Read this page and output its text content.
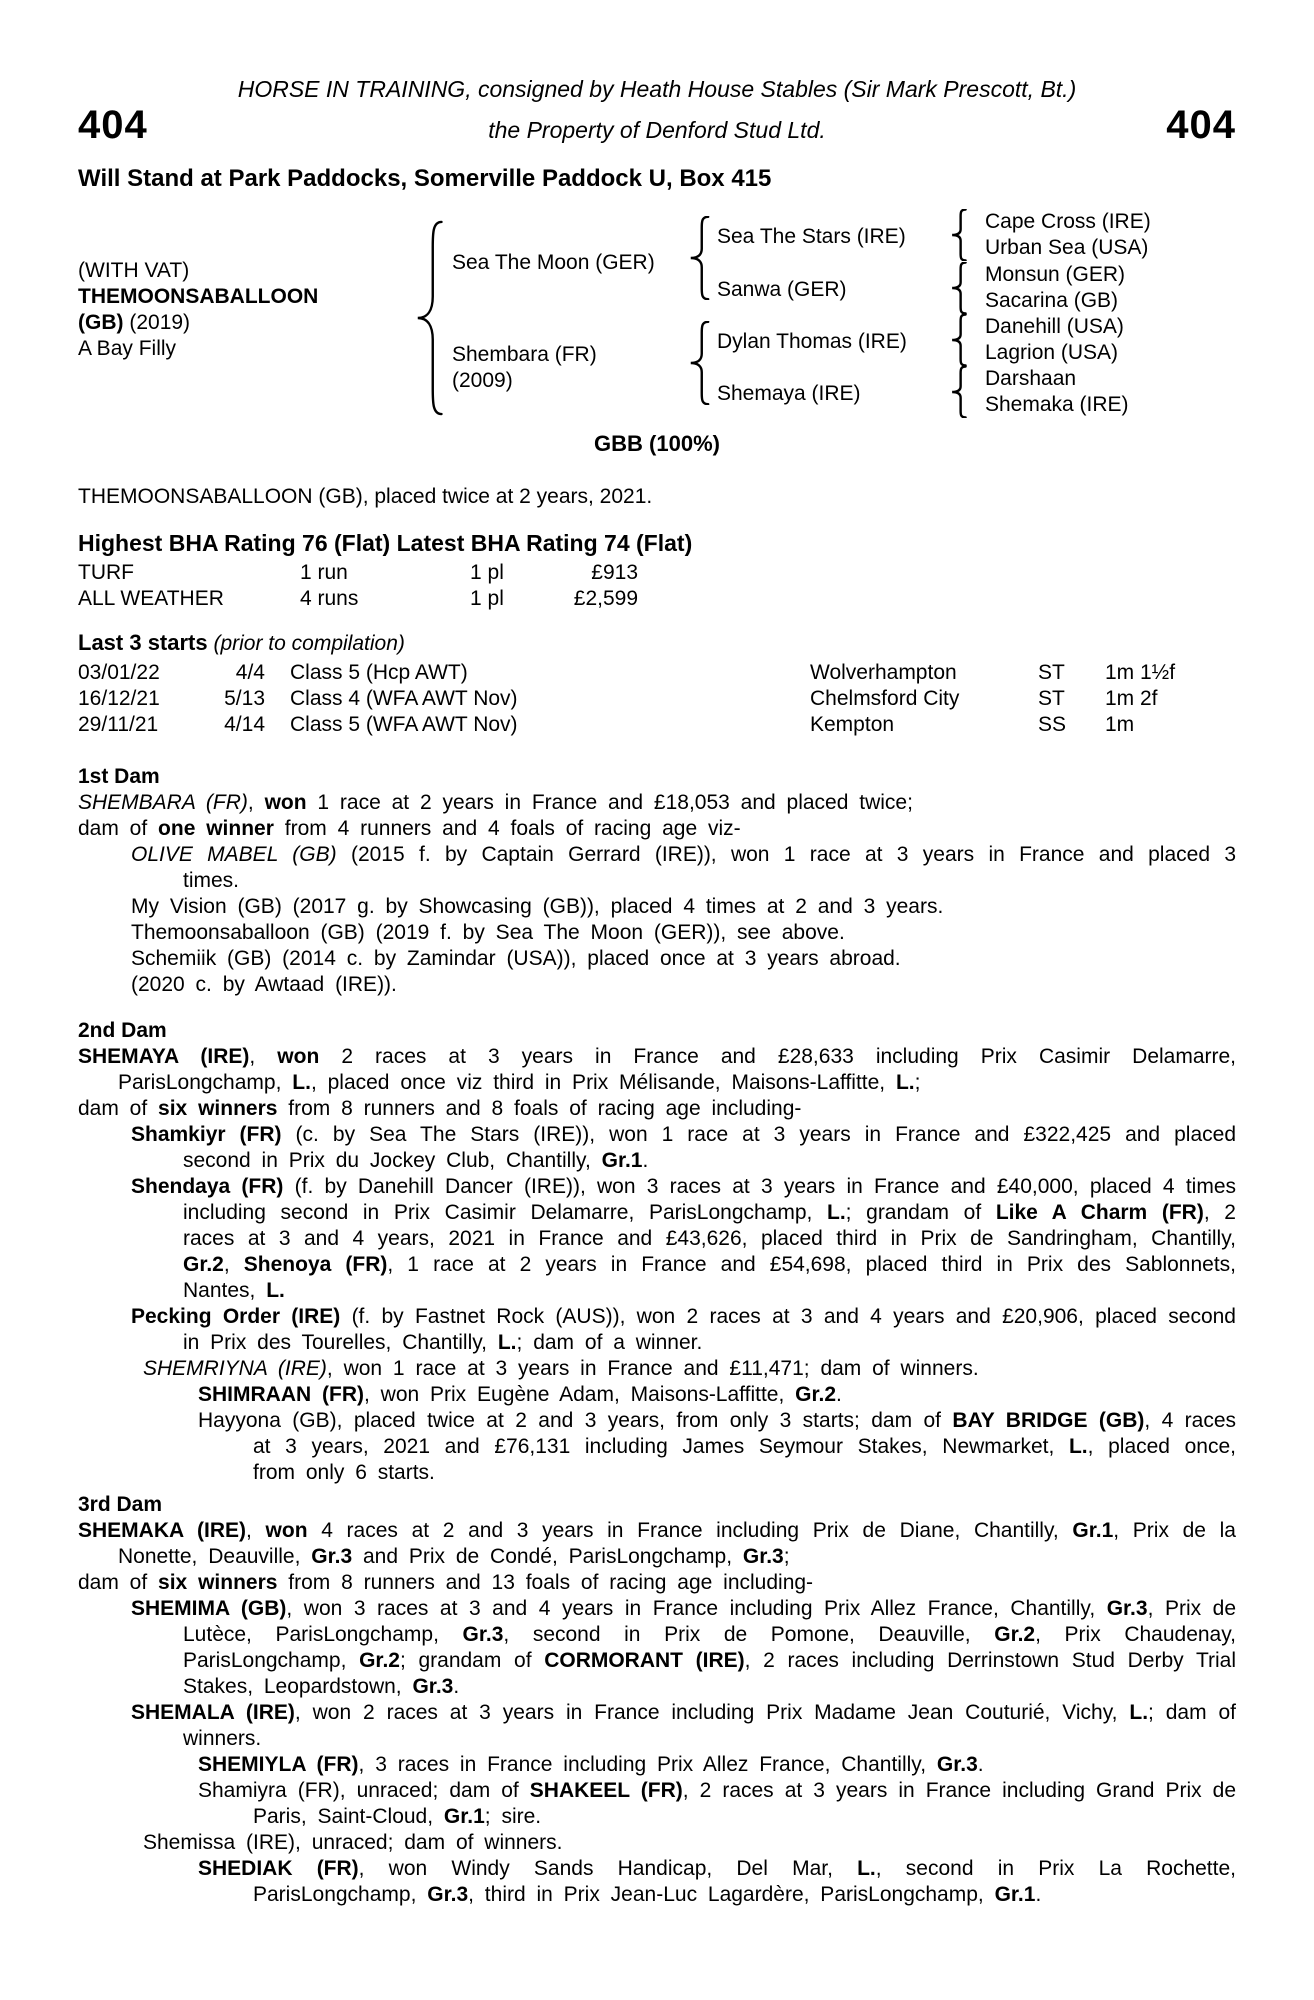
HORSE IN TRAINING, consigned by Heath House Stables (Sir Mark Prescott, Bt.)
404	the Property of Denford Stud Ltd.	404
Will Stand at Park Paddocks, Somerville Paddock U, Box 415
(WITH VAT)
THEMOONSABALLOON
(GB) (2019)
A Bay Filly
Sea The Moon (GER)
Shembara (FR)
(2009)
Sea The Stars (IRE)
Sanwa (GER)
Dylan Thomas (IRE)
Shemaya (IRE)
Cape Cross (IRE)
Urban Sea (USA)
Monsun (GER)
Sacarina (GB)
Danehill (USA)
Lagrion (USA)
Darshaan
Shemaka (IRE)
GBB (100%)
THEMOONSABALLOON (GB), placed twice at 2 years, 2021.
Highest BHA Rating 76 (Flat) Latest BHA Rating 74 (Flat)
TURF	1 run	1 pl	£913
ALL WEATHER	4 runs	1 pl	£2,599
Last 3 starts (prior to compilation)
03/01/22	4/4	Class 5 (Hcp AWT)	Wolverhampton	ST	1m 1½f
16/12/21	5/13	Class 4 (WFA AWT Nov)	Chelmsford City	ST	1m 2f
29/11/21	4/14	Class 5 (WFA AWT Nov)	Kempton	SS	1m
1st Dam

SHEMBARA (FR), won 1 race at 2 years in France and £18,053 and placed twice;

dam of one winner from 4 runners and 4 foals of racing age viz-

OLIVE MABEL (GB) (2015 f. by Captain Gerrard (IRE)), won 1 race at 3 years in France and placed 3 times.

My Vision (GB) (2017 g. by Showcasing (GB)), placed 4 times at 2 and 3 years.

Themoonsaballoon (GB) (2019 f. by Sea The Moon (GER)), see above.

Schemiik (GB) (2014 c. by Zamindar (USA)), placed once at 3 years abroad.

(2020 c. by Awtaad (IRE)).

2nd Dam

SHEMAYA (IRE), won 2 races at 3 years in France and £28,633 including Prix Casimir Delamarre, ParisLongchamp, L., placed once viz third in Prix Mélisande, Maisons-Laffitte, L.;

dam of six winners from 8 runners and 8 foals of racing age including-

Shamkiyr (FR) (c. by Sea The Stars (IRE)), won 1 race at 3 years in France and £322,425 and placed second in Prix du Jockey Club, Chantilly, Gr.1.

Shendaya (FR) (f. by Danehill Dancer (IRE)), won 3 races at 3 years in France and £40,000, placed 4 times including second in Prix Casimir Delamarre, ParisLongchamp, L.; grandam of Like A Charm (FR), 2 races at 3 and 4 years, 2021 in France and £43,626, placed third in Prix de Sandringham, Chantilly, Gr.2, Shenoya (FR), 1 race at 2 years in France and £54,698, placed third in Prix des Sablonnets, Nantes, L.

Pecking Order (IRE) (f. by Fastnet Rock (AUS)), won 2 races at 3 and 4 years and £20,906, placed second in Prix des Tourelles, Chantilly, L.; dam of a winner.

SHEMRIYNA (IRE), won 1 race at 3 years in France and £11,471; dam of winners.

SHIMRAAN (FR), won Prix Eugène Adam, Maisons-Laffitte, Gr.2.

Hayyona (GB), placed twice at 2 and 3 years, from only 3 starts; dam of BAY BRIDGE (GB), 4 races at 3 years, 2021 and £76,131 including James Seymour Stakes, Newmarket, L., placed once, from only 6 starts.

3rd Dam

SHEMAKA (IRE), won 4 races at 2 and 3 years in France including Prix de Diane, Chantilly, Gr.1, Prix de la Nonette, Deauville, Gr.3 and Prix de Condé, ParisLongchamp, Gr.3;

dam of six winners from 8 runners and 13 foals of racing age including-

SHEMIMA (GB), won 3 races at 3 and 4 years in France including Prix Allez France, Chantilly, Gr.3, Prix de Lutèce, ParisLongchamp, Gr.3, second in Prix de Pomone, Deauville, Gr.2, Prix Chaudenay, ParisLongchamp, Gr.2; grandam of CORMORANT (IRE), 2 races including Derrinstown Stud Derby Trial Stakes, Leopardstown, Gr.3.

SHEMALA (IRE), won 2 races at 3 years in France including Prix Madame Jean Couturié, Vichy, L.; dam of winners.

SHEMIYLA (FR), 3 races in France including Prix Allez France, Chantilly, Gr.3.

Shamiyra (FR), unraced; dam of SHAKEEL (FR), 2 races at 3 years in France including Grand Prix de Paris, Saint-Cloud, Gr.1; sire.

Shemissa (IRE), unraced; dam of winners.

SHEDIAK (FR), won Windy Sands Handicap, Del Mar, L., second in Prix La Rochette, ParisLongchamp, Gr.3, third in Prix Jean-Luc Lagardère, ParisLongchamp, Gr.1.
